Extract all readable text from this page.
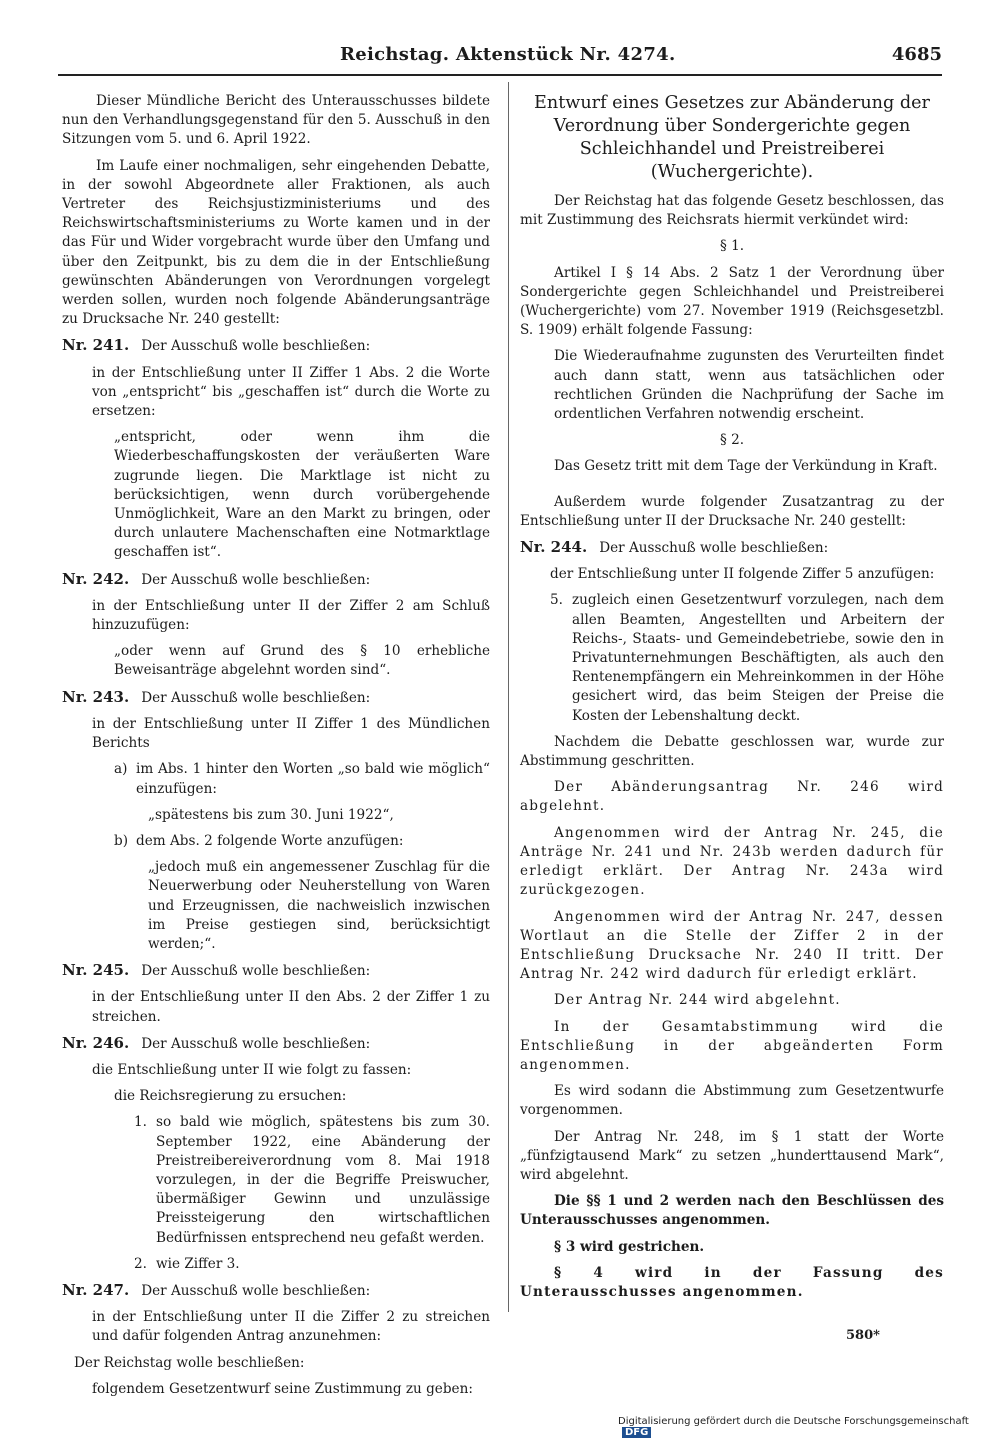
Reichstag. Aktenstück Nr. 4274.	4685

Dieser Mündliche Bericht des Unterausschusses bildete nun den Verhandlungsgegenstand für den 5. Ausschuß in den Sitzungen vom 5. und 6. April 1922.

Im Laufe einer nochmaligen, sehr eingehenden Debatte, in der sowohl Abgeordnete aller Fraktionen, als auch Vertreter des Reichsjustizministeriums und des Reichswirtschaftsministeriums zu Worte kamen und in der das Für und Wider vorgebracht wurde über den Umfang und über den Zeitpunkt, bis zu dem die in der Entschließung gewünschten Abänderungen von Verordnungen vorgelegt werden sollen, wurden noch folgende Abänderungsanträge zu Drucksache Nr. 240 gestellt:

Nr. 241. Der Ausschuß wolle beschließen:

in der Entschließung unter II Ziffer 1 Abs. 2 die Worte von „entspricht“ bis „geschaffen ist“ durch die Worte zu ersetzen:

„entspricht, oder wenn ihm die Wiederbeschaffungskosten der veräußerten Ware zugrunde liegen. Die Marktlage ist nicht zu berücksichtigen, wenn durch vorübergehende Unmöglichkeit, Ware an den Markt zu bringen, oder durch unlautere Machenschaften eine Notmarktlage geschaffen ist“.

Nr. 242. Der Ausschuß wolle beschließen:

in der Entschließung unter II der Ziffer 2 am Schluß hinzuzufügen:

„oder wenn auf Grund des § 10 erhebliche Beweisanträge abgelehnt worden sind“.

Nr. 243. Der Ausschuß wolle beschließen:

in der Entschließung unter II Ziffer 1 des Mündlichen Berichts

a) im Abs. 1 hinter den Worten „so bald wie möglich“ einzufügen:

„spätestens bis zum 30. Juni 1922“,

b) dem Abs. 2 folgende Worte anzufügen:

„jedoch muß ein angemessener Zuschlag für die Neuerwerbung oder Neuherstellung von Waren und Erzeugnissen, die nachweislich inzwischen im Preise gestiegen sind, berücksichtigt werden;“.

Nr. 245. Der Ausschuß wolle beschließen:

in der Entschließung unter II den Abs. 2 der Ziffer 1 zu streichen.

Nr. 246. Der Ausschuß wolle beschließen:

die Entschließung unter II wie folgt zu fassen:

die Reichsregierung zu ersuchen:

1. so bald wie möglich, spätestens bis zum 30. September 1922, eine Abänderung der Preistreibereiverordnung vom 8. Mai 1918 vorzulegen, in der die Begriffe Preiswucher, übermäßiger Gewinn und unzulässige Preissteigerung den wirtschaftlichen Bedürfnissen entsprechend neu gefaßt werden.
2. wie Ziffer 3.

Nr. 247. Der Ausschuß wolle beschließen:

in der Entschließung unter II die Ziffer 2 zu streichen und dafür folgenden Antrag anzunehmen:

Der Reichstag wolle beschließen:

folgendem Gesetzentwurf seine Zustimmung zu geben:

Entwurf eines Gesetzes zur Abänderung der Verordnung über Sondergerichte gegen Schleichhandel und Preistreiberei (Wuchergerichte).

Der Reichstag hat das folgende Gesetz beschlossen, das mit Zustimmung des Reichsrats hiermit verkündet wird:

§ 1.

Artikel I § 14 Abs. 2 Satz 1 der Verordnung über Sondergerichte gegen Schleichhandel und Preistreiberei (Wuchergerichte) vom 27. November 1919 (Reichsgesetzbl. S. 1909) erhält folgende Fassung:

Die Wiederaufnahme zugunsten des Verurteilten findet auch dann statt, wenn aus tatsächlichen oder rechtlichen Gründen die Nachprüfung der Sache im ordentlichen Verfahren notwendig erscheint.

§ 2.

Das Gesetz tritt mit dem Tage der Verkündung in Kraft.

Außerdem wurde folgender Zusatzantrag zu der Entschließung unter II der Drucksache Nr. 240 gestellt:

Nr. 244. Der Ausschuß wolle beschließen:

der Entschließung unter II folgende Ziffer 5 anzufügen:

5. zugleich einen Gesetzentwurf vorzulegen, nach dem allen Beamten, Angestellten und Arbeitern der Reichs-, Staats- und Gemeindebetriebe, sowie den in Privatunternehmungen Beschäftigten, als auch den Rentenempfängern ein Mehreinkommen in der Höhe gesichert wird, das beim Steigen der Preise die Kosten der Lebenshaltung deckt.

Nachdem die Debatte geschlossen war, wurde zur Abstimmung geschritten.

Der Abänderungsantrag Nr. 246 wird abgelehnt.

Angenommen wird der Antrag Nr. 245, die Anträge Nr. 241 und Nr. 243b werden dadurch für erledigt erklärt. Der Antrag Nr. 243a wird zurückgezogen.

Angenommen wird der Antrag Nr. 247, dessen Wortlaut an die Stelle der Ziffer 2 in der Entschließung Drucksache Nr. 240 II tritt. Der Antrag Nr. 242 wird dadurch für erledigt erklärt.

Der Antrag Nr. 244 wird abgelehnt.

In der Gesamtabstimmung wird die Entschließung in der abgeänderten Form angenommen.

Es wird sodann die Abstimmung zum Gesetzentwurfe vorgenommen.

Der Antrag Nr. 248, im § 1 statt der Worte „fünfzigtausend Mark“ zu setzen „hunderttausend Mark“, wird abgelehnt.

Die §§ 1 und 2 werden nach den Beschlüssen des Unterausschusses angenommen.

§ 3 wird gestrichen.

§ 4 wird in der Fassung des Unterausschusses angenommen.

580*
Digitalisierung gefördert durch die Deutsche Forschungsgemeinschaft DFG
